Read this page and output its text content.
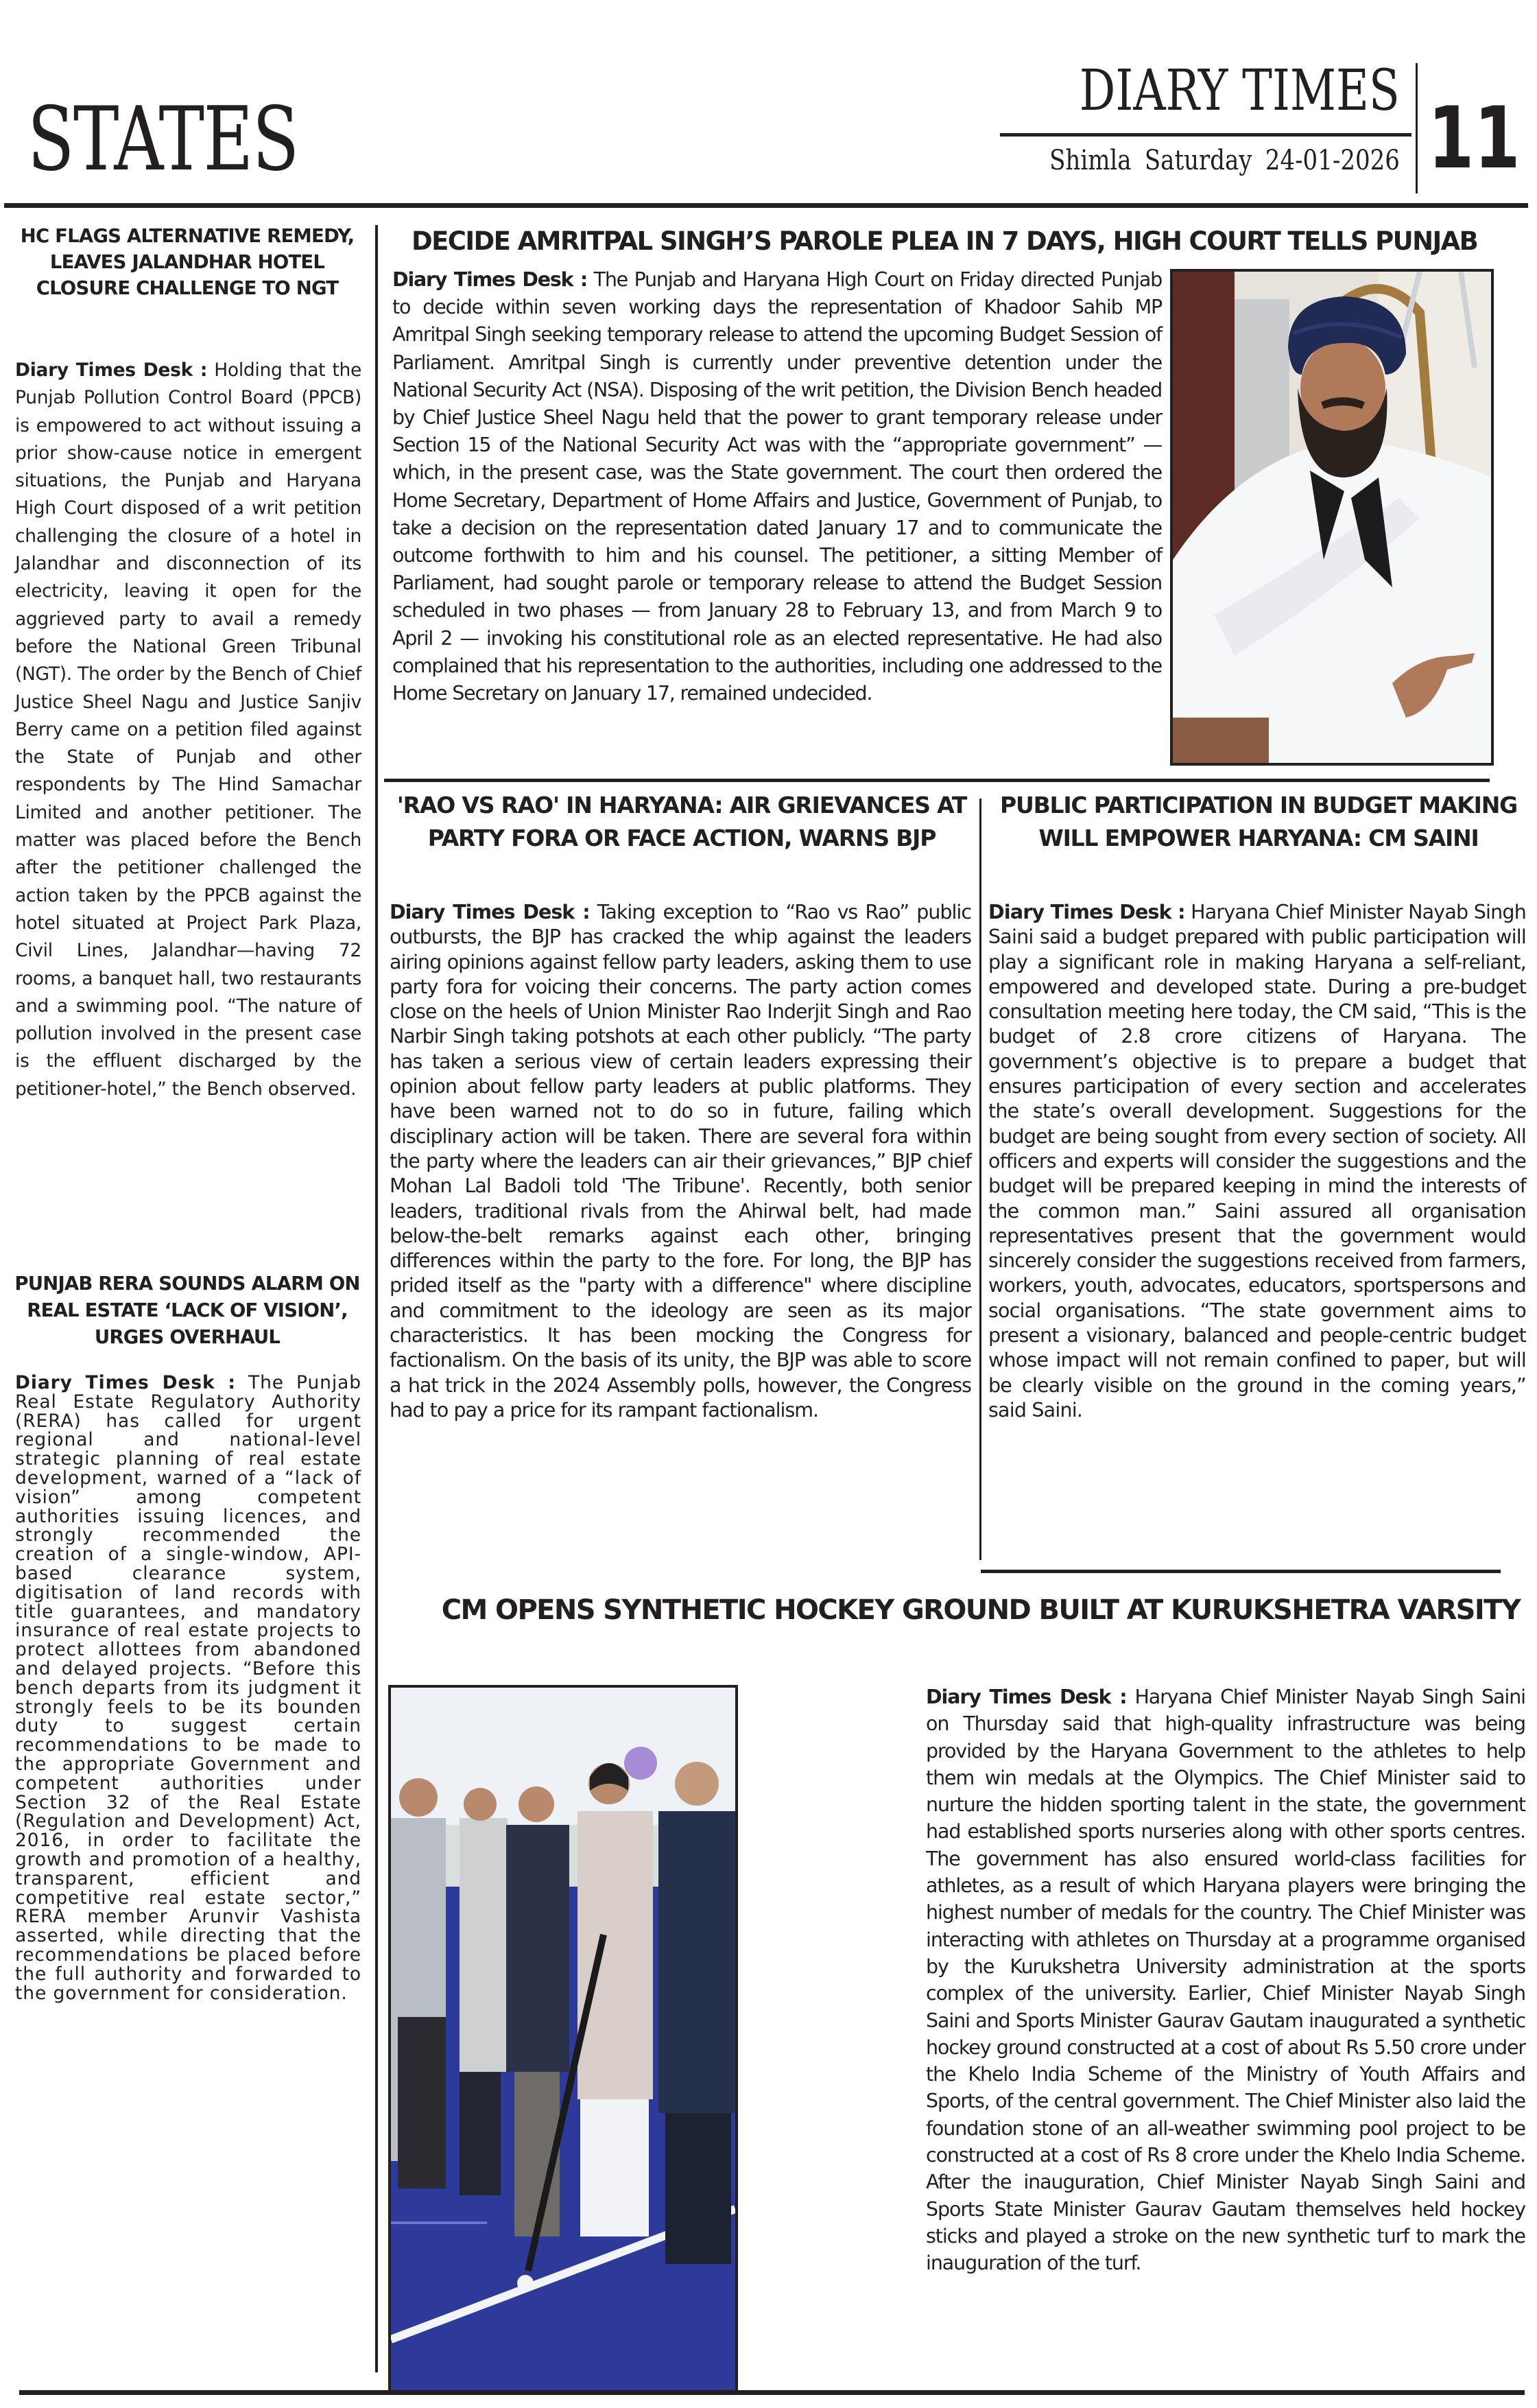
STATES	DIARY TIMES
Shimla Saturday 24-01-2026 11
HC FLAGS ALTERNATIVE REMEDY, LEAVES JALANDHAR HOTEL CLOSURE CHALLENGE TO NGT

Diary Times Desk : Holding that the Punjab Pollution Control Board (PPCB) is empowered to act without issuing a prior show-cause notice in emergent situations, the Punjab and Haryana High Court disposed of a writ petition challenging the closure of a hotel in Jalandhar and disconnection of its electricity, leaving it open for the aggrieved party to avail a remedy before the National Green Tribunal (NGT). The order by the Bench of Chief Justice Sheel Nagu and Justice Sanjiv Berry came on a petition filed against the State of Punjab and other respondents by The Hind Samachar Limited and another petitioner. The matter was placed before the Bench after the petitioner challenged the action taken by the PPCB against the hotel situated at Project Park Plaza, Civil Lines, Jalandhar—having 72 rooms, a banquet hall, two restaurants and a swimming pool. “The nature of pollution involved in the present case is the effluent discharged by the petitioner-hotel,” the Bench observed.

PUNJAB RERA SOUNDS ALARM ON REAL ESTATE ‘LACK OF VISION’, URGES OVERHAUL

Diary Times Desk : The Punjab Real Estate Regulatory Authority (RERA) has called for urgent regional and national-level strategic planning of real estate development, warned of a “lack of vision” among competent authorities issuing licences, and strongly recommended the creation of a single-window, API-based clearance system, digitisation of land records with title guarantees, and mandatory insurance of real estate projects to protect allottees from abandoned and delayed projects. “Before this bench departs from its judgment it strongly feels to be its bounden duty to suggest certain recommendations to be made to the appropriate Government and competent authorities under Section 32 of the Real Estate (Regulation and Development) Act, 2016, in order to facilitate the growth and promotion of a healthy, transparent, efficient and competitive real estate sector,” RERA member Arunvir Vashista asserted, while directing that the recommendations be placed before the full authority and forwarded to the government for consideration.

DECIDE AMRITPAL SINGH’S PAROLE PLEA IN 7 DAYS, HIGH COURT TELLS PUNJAB

Diary Times Desk : The Punjab and Haryana High Court on Friday directed Punjab to decide within seven working days the representation of Khadoor Sahib MP Amritpal Singh seeking temporary release to attend the upcoming Budget Session of Parliament. Amritpal Singh is currently under preventive detention under the National Security Act (NSA). Disposing of the writ petition, the Division Bench headed by Chief Justice Sheel Nagu held that the power to grant temporary release under Section 15 of the National Security Act was with the “appropriate government” — which, in the present case, was the State government. The court then ordered the Home Secretary, Department of Home Affairs and Justice, Government of Punjab, to take a decision on the representation dated January 17 and to communicate the outcome forthwith to him and his counsel. The petitioner, a sitting Member of Parliament, had sought parole or temporary release to attend the Budget Session scheduled in two phases — from January 28 to February 13, and from March 9 to April 2 — invoking his constitutional role as an elected representative. He had also complained that his representation to the authorities, including one addressed to the Home Secretary on January 17, remained undecided.

'RAO VS RAO' IN HARYANA: AIR GRIEVANCES AT PARTY FORA OR FACE ACTION, WARNS BJP

Diary Times Desk : Taking exception to “Rao vs Rao” public outbursts, the BJP has cracked the whip against the leaders airing opinions against fellow party leaders, asking them to use party fora for voicing their concerns. The party action comes close on the heels of Union Minister Rao Inderjit Singh and Rao Narbir Singh taking potshots at each other publicly. “The party has taken a serious view of certain leaders expressing their opinion about fellow party leaders at public platforms. They have been warned not to do so in future, failing which disciplinary action will be taken. There are several fora within the party where the leaders can air their grievances,” BJP chief Mohan Lal Badoli told 'The Tribune'. Recently, both senior leaders, traditional rivals from the Ahirwal belt, had made below-the-belt remarks against each other, bringing differences within the party to the fore. For long, the BJP has prided itself as the "party with a difference" where discipline and commitment to the ideology are seen as its major characteristics. It has been mocking the Congress for factionalism. On the basis of its unity, the BJP was able to score a hat trick in the 2024 Assembly polls, however, the Congress had to pay a price for its rampant factionalism.

PUBLIC PARTICIPATION IN BUDGET MAKING WILL EMPOWER HARYANA: CM SAINI

Diary Times Desk : Haryana Chief Minister Nayab Singh Saini said a budget prepared with public participation will play a significant role in making Haryana a self-reliant, empowered and developed state. During a pre-budget consultation meeting here today, the CM said, “This is the budget of 2.8 crore citizens of Haryana. The government’s objective is to prepare a budget that ensures participation of every section and accelerates the state’s overall development. Suggestions for the budget are being sought from every section of society. All officers and experts will consider the suggestions and the budget will be prepared keeping in mind the interests of the common man.” Saini assured all organisation representatives present that the government would sincerely consider the suggestions received from farmers, workers, youth, advocates, educators, sportspersons and social organisations. “The state government aims to present a visionary, balanced and people-centric budget whose impact will not remain confined to paper, but will be clearly visible on the ground in the coming years,” said Saini.

CM OPENS SYNTHETIC HOCKEY GROUND BUILT AT KURUKSHETRA VARSITY

Diary Times Desk : Haryana Chief Minister Nayab Singh Saini on Thursday said that high-quality infrastructure was being provided by the Haryana Government to the athletes to help them win medals at the Olympics. The Chief Minister said to nurture the hidden sporting talent in the state, the government had established sports nurseries along with other sports centres. The government has also ensured world-class facilities for athletes, as a result of which Haryana players were bringing the highest number of medals for the country. The Chief Minister was interacting with athletes on Thursday at a programme organised by the Kurukshetra University administration at the sports complex of the university. Earlier, Chief Minister Nayab Singh Saini and Sports Minister Gaurav Gautam inaugurated a synthetic hockey ground constructed at a cost of about Rs 5.50 crore under the Khelo India Scheme of the Ministry of Youth Affairs and Sports, of the central government. The Chief Minister also laid the foundation stone of an all-weather swimming pool project to be constructed at a cost of Rs 8 crore under the Khelo India Scheme. After the inauguration, Chief Minister Nayab Singh Saini and Sports State Minister Gaurav Gautam themselves held hockey sticks and played a stroke on the new synthetic turf to mark the inauguration of the turf.
